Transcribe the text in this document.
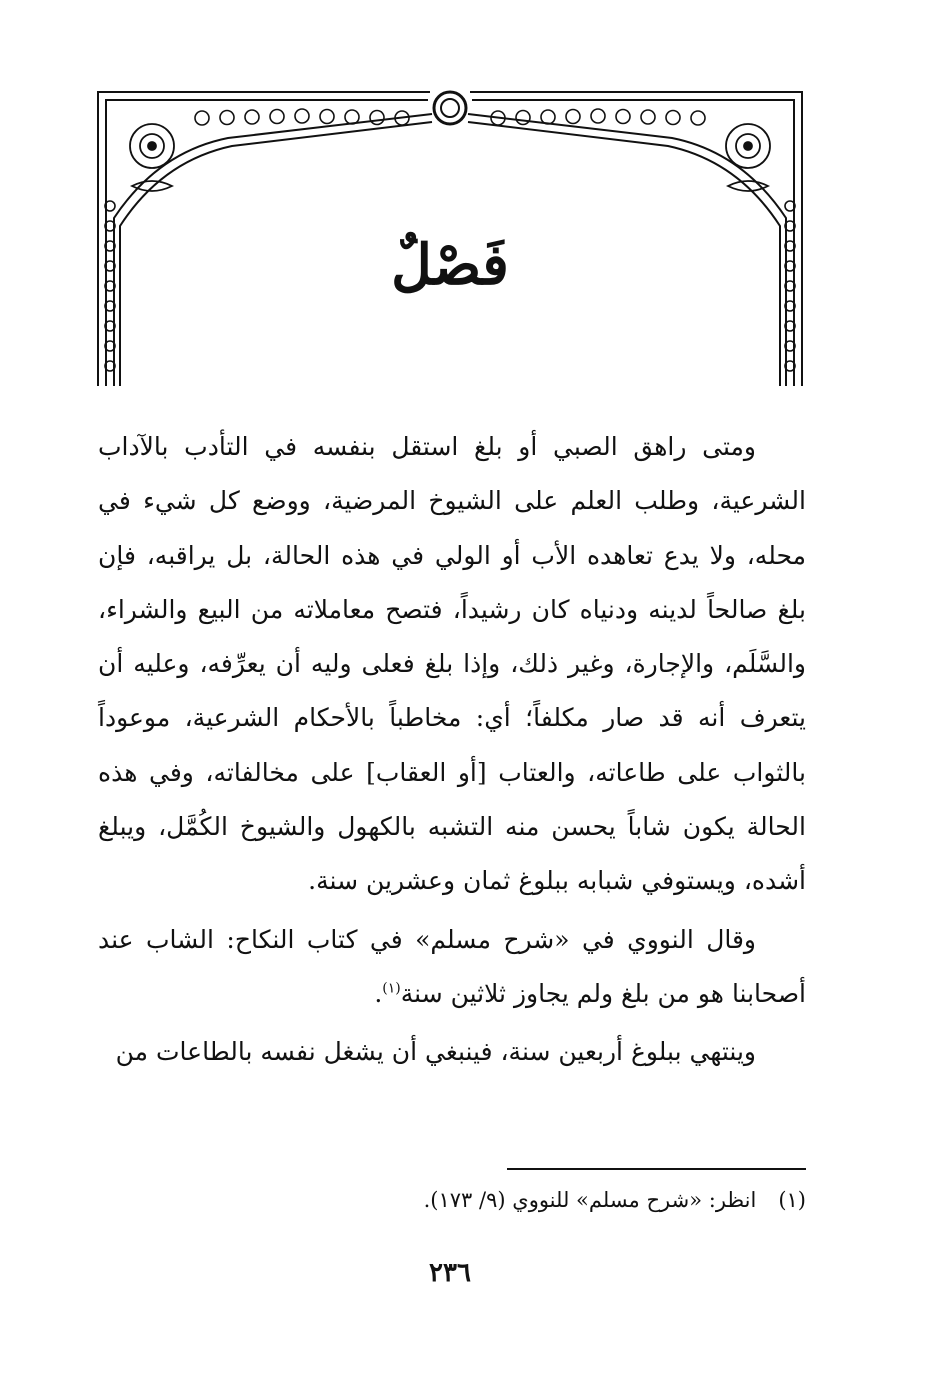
فَصْلٌ

ومتى راهق الصبي أو بلغ استقل بنفسه في التأدب بالآداب الشرعية، وطلب العلم على الشيوخ المرضية، ووضع كل شيء في محله، ولا يدع تعاهده الأب أو الولي في هذه الحالة، بل يراقبه، فإن بلغ صالحاً لدينه ودنياه كان رشيداً، فتصح معاملاته من البيع والشراء، والسَّلَم، والإجارة، وغير ذلك، وإذا بلغ فعلى وليه أن يعرِّفه، وعليه أن يتعرف أنه قد صار مكلفاً؛ أي: مخاطباً بالأحكام الشرعية، موعوداً بالثواب على طاعاته، والعتاب [أو العقاب] على مخالفاته، وفي هذه الحالة يكون شاباً يحسن منه التشبه بالكهول والشيوخ الكُمَّل، ويبلغ أشده، ويستوفي شبابه ببلوغ ثمان وعشرين سنة.

وقال النووي في «شرح مسلم» في كتاب النكاح: الشاب عند أصحابنا هو من بلغ ولم يجاوز ثلاثين سنة$^{(١)}$.

وينتهي ببلوغ أربعين سنة، فينبغي أن يشغل نفسه بالطاعات من

(١)انظر: «شرح مسلم» للنووي (٩/ ١٧٣).
٢٣٦
